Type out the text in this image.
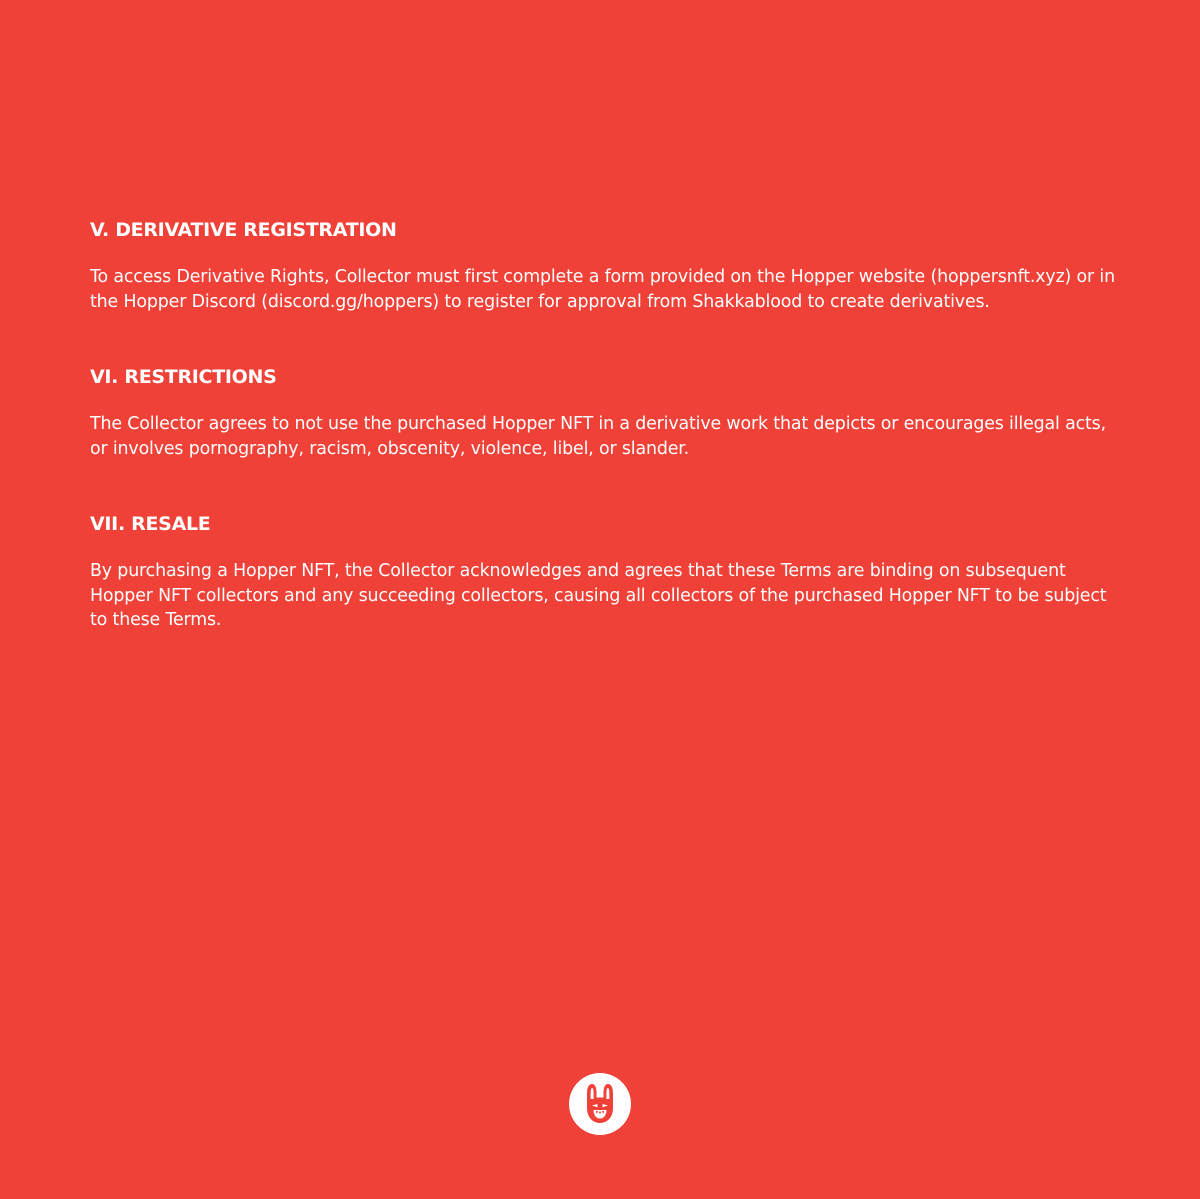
V. DERIVATIVE REGISTRATION

To access Derivative Rights, Collector must first complete a form provided on the Hopper website (hoppersnft.xyz) or in the Hopper Discord (discord.gg/hoppers) to register for approval from Shakkablood to create derivatives.

VI. RESTRICTIONS

The Collector agrees to not use the purchased Hopper NFT in a derivative work that depicts or encourages illegal acts, or involves pornography, racism, obscenity, violence, libel, or slander.

VII. RESALE

By purchasing a Hopper NFT, the Collector acknowledges and agrees that these Terms are binding on subsequent Hopper NFT collectors and any succeeding collectors, causing all collectors of the purchased Hopper NFT to be subject to these Terms.
